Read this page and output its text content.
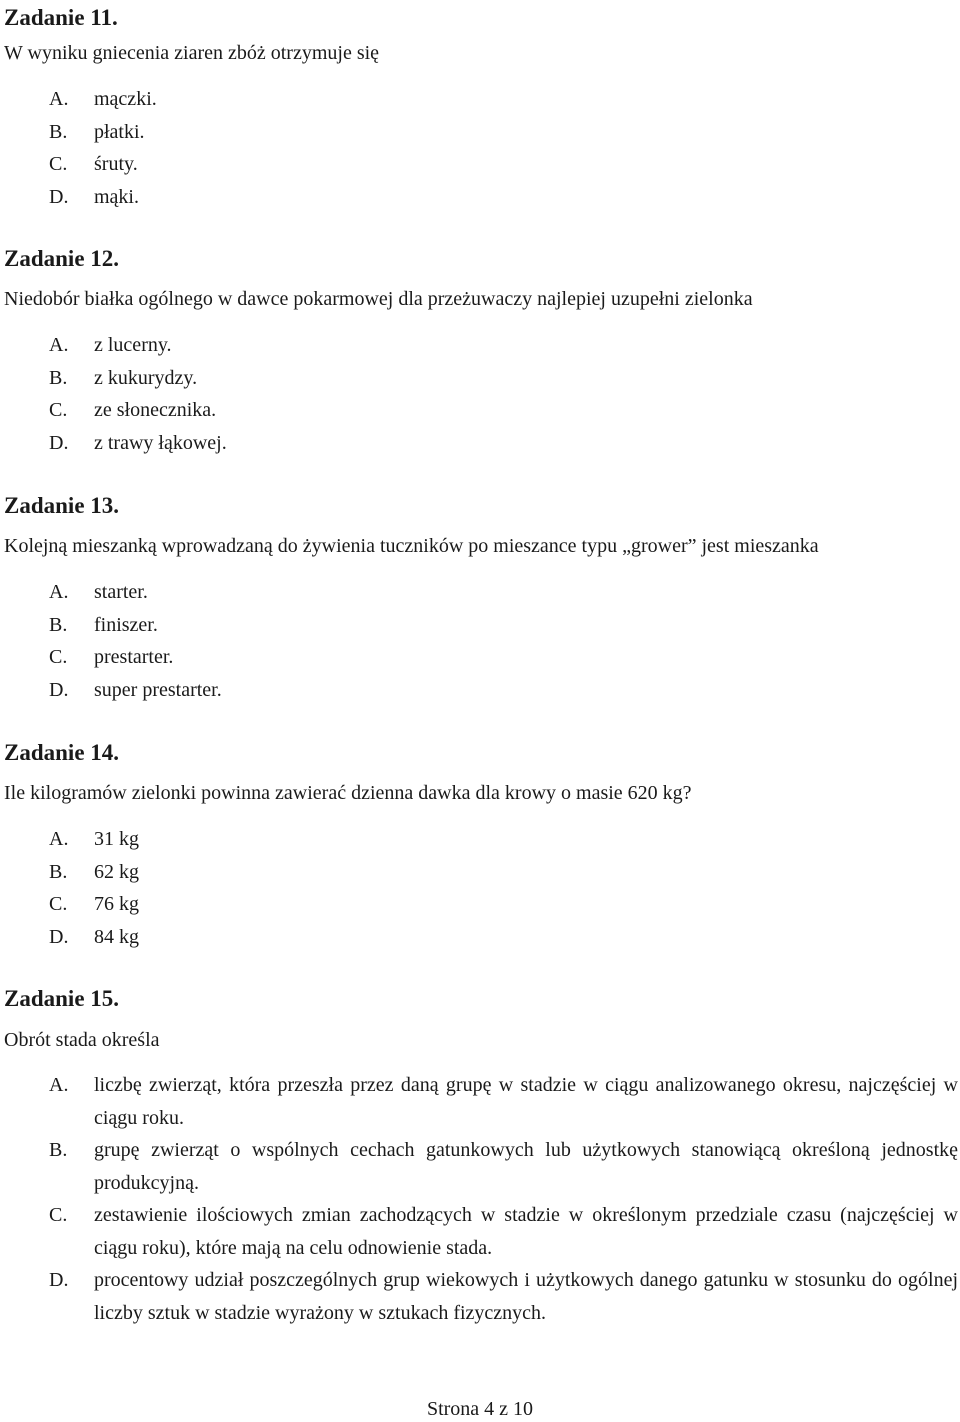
Zadanie 11.

W wyniku gniecenia ziaren zbóż otrzymuje się

A. mączki.
B. płatki.
C. śruty.
D. mąki.
Zadanie 12.

Niedobór białka ogólnego w dawce pokarmowej dla przeżuwaczy najlepiej uzupełni zielonka

A. z lucerny.
B. z kukurydzy.
C. ze słonecznika.
D. z trawy łąkowej.
Zadanie 13.

Kolejną mieszanką wprowadzaną do żywienia tuczników po mieszance typu „grower” jest mieszanka

A. starter.
B. finiszer.
C. prestarter.
D. super prestarter.
Zadanie 14.

Ile kilogramów zielonki powinna zawierać dzienna dawka dla krowy o masie 620 kg?

A. 31 kg
B. 62 kg
C. 76 kg
D. 84 kg
Zadanie 15.

Obrót stada określa

A. liczbę zwierząt, która przeszła przez daną grupę w stadzie w ciągu analizowanego okresu, najczęściej w ciągu roku.
B. grupę zwierząt o wspólnych cechach gatunkowych lub użytkowych stanowiącą określoną jednostkę produkcyjną.
C. zestawienie ilościowych zmian zachodzących w stadzie w określonym przedziale czasu (najczęściej w ciągu roku), które mają na celu odnowienie stada.
D. procentowy udział poszczególnych grup wiekowych i użytkowych danego gatunku w stosunku do ogólnej liczby sztuk w stadzie wyrażony w sztukach fizycznych.
Strona 4 z 10
